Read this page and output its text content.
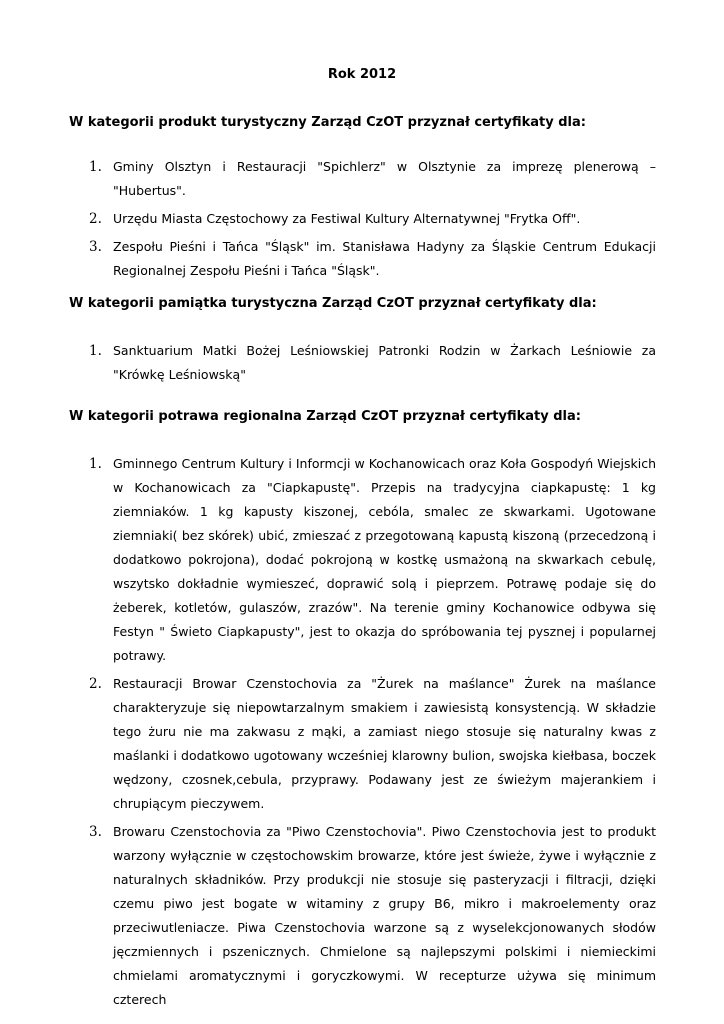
Rok 2012
W kategorii produkt turystyczny Zarząd CzOT przyznał certyfikaty dla:
1. Gminy Olsztyn i Restauracji "Spichlerz" w Olsztynie za imprezę plenerową – "Hubertus".
2. Urzędu Miasta Częstochowy za Festiwal Kultury Alternatywnej "Frytka Off".
3. Zespołu Pieśni i Tańca "Śląsk" im. Stanisława Hadyny za Śląskie Centrum Edukacji Regionalnej Zespołu Pieśni i Tańca "Śląsk".
W kategorii pamiątka turystyczna Zarząd CzOT przyznał certyfikaty dla:
1. Sanktuarium Matki Bożej Leśniowskiej Patronki Rodzin w Żarkach Leśniowie za "Krówkę Leśniowską"
W kategorii potrawa regionalna Zarząd CzOT przyznał certyfikaty dla:
1. Gminnego Centrum Kultury i Informcji w Kochanowicach oraz Koła Gospodyń Wiejskich w Kochanowicach za "Ciapkapustę". Przepis na tradycyjna ciapkapustę: 1 kg ziemniaków. 1 kg kapusty kiszonej, cebóla, smalec ze skwarkami. Ugotowane ziemniaki( bez skórek) ubić, zmieszać z przegotowaną kapustą kiszoną (przecedzoną i dodatkowo pokrojona), dodać pokrojoną w kostkę usmażoną na skwarkach cebulę, wszytsko dokładnie wymieszeć, doprawić solą i pieprzem. Potrawę podaje się do żeberek, kotletów, gulaszów, zrazów". Na terenie gminy Kochanowice odbywa się Festyn " Świeto Ciapkapusty", jest to okazja do spróbowania tej pysznej i popularnej potrawy.
2. Restauracji Browar Czenstochovia za "Żurek na maślance" Żurek na maślance charakteryzuje się niepowtarzalnym smakiem i zawiesistą konsystencją. W składzie tego żuru nie ma zakwasu z mąki, a zamiast niego stosuje się naturalny kwas z maślanki i dodatkowo ugotowany wcześniej klarowny bulion, swojska kiełbasa, boczek wędzony, czosnek,cebula, przyprawy. Podawany jest ze świeżym majerankiem i chrupiącym pieczywem.
3. Browaru Czenstochovia za "Piwo Czenstochovia". Piwo Czenstochovia jest to produkt warzony wyłącznie w częstochowskim browarze, które jest świeże, żywe i wyłącznie z naturalnych składników. Przy produkcji nie stosuje się pasteryzacji i filtracji, dzięki czemu piwo jest bogate w witaminy z grupy B6, mikro i makroelementy oraz przeciwutleniacze. Piwa Czenstochovia warzone są z wyselekcjonowanych słodów jęczmiennych i pszenicznych. Chmielone są najlepszymi polskimi i niemieckimi chmielami aromatycznymi i goryczkowymi. W recepturze używa się minimum czterech
